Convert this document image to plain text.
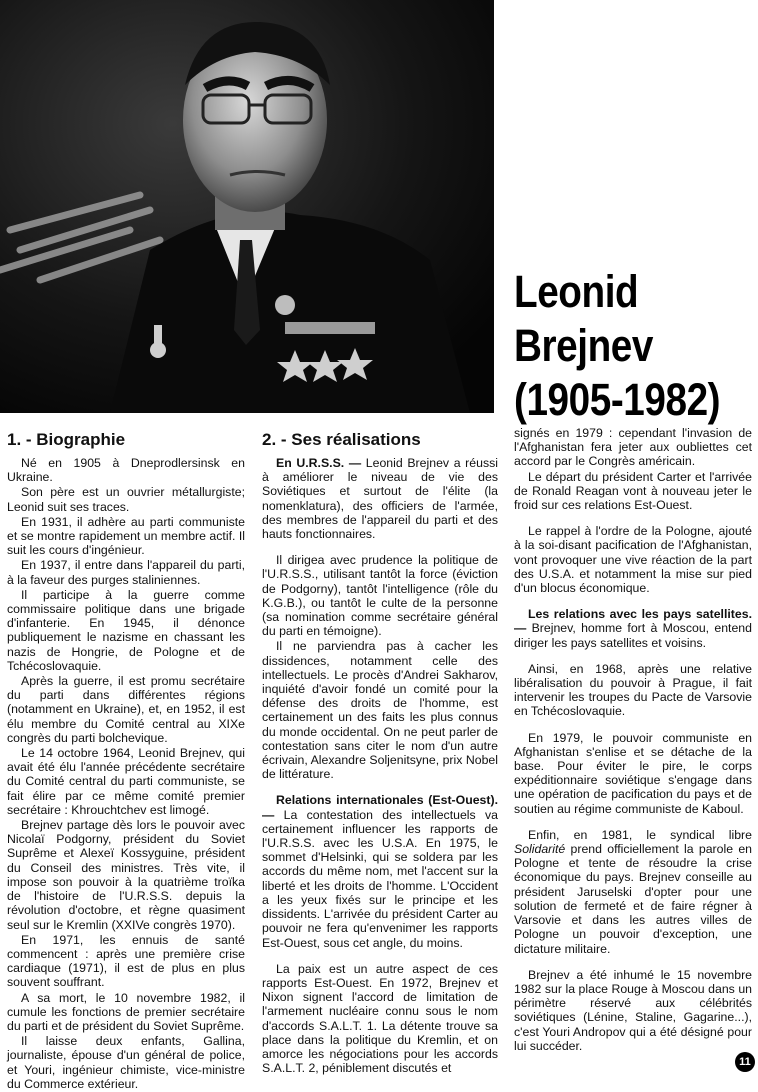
Leonid
Brejnev
(1905-1982)
1. - Biographie

Né en 1905 à Dneprodlersinsk en Ukraine.

Son père est un ouvrier métallurgiste; Leonid suit ses traces.

En 1931, il adhère au parti communiste et se montre rapidement un membre actif. Il suit les cours d'ingénieur.

En 1937, il entre dans l'appareil du parti, à la faveur des purges staliniennes.

Il participe à la guerre comme commissaire politique dans une brigade d'infanterie. En 1945, il dénonce publiquement le nazisme en chassant les nazis de Hongrie, de Pologne et de Tchécoslovaquie.

Après la guerre, il est promu secrétaire du parti dans différentes régions (notamment en Ukraine), et, en 1952, il est élu membre du Comité central au XIXe congrès du parti bolchevique.

Le 14 octobre 1964, Leonid Brejnev, qui avait été élu l'année précédente secrétaire du Comité central du parti communiste, se fait élire par ce même comité premier secrétaire : Khrouchtchev est limogé.

Brejnev partage dès lors le pouvoir avec Nicolaï Podgorny, président du Soviet Suprême et Alexeï Kossyguine, président du Conseil des ministres. Très vite, il impose son pouvoir à la quatrième troïka de l'histoire de l'U.R.S.S. depuis la révolution d'octobre, et règne quasiment seul sur le Kremlin (XXIVe congrès 1970).

En 1971, les ennuis de santé commencent : après une première crise cardiaque (1971), il est de plus en plus souvent souffrant.

A sa mort, le 10 novembre 1982, il cumule les fonctions de premier secrétaire du parti et de président du Soviet Suprême.

Il laisse deux enfants, Gallina, journaliste, épouse d'un général de police, et Youri, ingénieur chimiste, vice-ministre du Commerce extérieur.

2. - Ses réalisations

En U.R.S.S. — Leonid Brejnev a réussi à améliorer le niveau de vie des Soviétiques et surtout de l'élite (la nomenklatura), des officiers de l'armée, des membres de l'appareil du parti et des hauts fonctionnaires.

Il dirigea avec prudence la politique de l'U.R.S.S., utilisant tantôt la force (éviction de Podgorny), tantôt l'intelligence (rôle du K.G.B.), ou tantôt le culte de la personne (sa nomination comme secrétaire général du parti en témoigne).

Il ne parviendra pas à cacher les dissidences, notamment celle des intellectuels. Le procès d'Andrei Sakharov, inquiété d'avoir fondé un comité pour la défense des droits de l'homme, est certainement un des faits les plus connus du monde occidental. On ne peut parler de contestation sans citer le nom d'un autre écrivain, Alexandre Soljenitsyne, prix Nobel de littérature.

Relations internationales (Est-Ouest). — La contestation des intellectuels va certainement influencer les rapports de l'U.R.S.S. avec les U.S.A. En 1975, le sommet d'Helsinki, qui se soldera par les accords du même nom, met l'accent sur la liberté et les droits de l'homme. L'Occident a les yeux fixés sur le principe et les dissidents. L'arrivée du président Carter au pouvoir ne fera qu'envenimer les rapports Est-Ouest, sous cet angle, du moins.

La paix est un autre aspect de ces rapports Est-Ouest. En 1972, Brejnev et Nixon signent l'accord de limitation de l'armement nucléaire connu sous le nom d'accords S.A.L.T. 1. La détente trouve sa place dans la politique du Kremlin, et on amorce les négociations pour les accords S.A.L.T. 2, péniblement discutés et

signés en 1979 : cependant l'invasion de l'Afghanistan fera jeter aux oubliettes cet accord par le Congrès américain.

Le départ du président Carter et l'arrivée de Ronald Reagan vont à nouveau jeter le froid sur ces relations Est-Ouest.

Le rappel à l'ordre de la Pologne, ajouté à la soi-disant pacification de l'Afghanistan, vont provoquer une vive réaction de la part des U.S.A. et notamment la mise sur pied d'un blocus économique.

Les relations avec les pays satellites. — Brejnev, homme fort à Moscou, entend diriger les pays satellites et voisins.

Ainsi, en 1968, après une relative libéralisation du pouvoir à Prague, il fait intervenir les troupes du Pacte de Varsovie en Tchécoslovaquie.

En 1979, le pouvoir communiste en Afghanistan s'enlise et se détache de la base. Pour éviter le pire, le corps expéditionnaire soviétique s'engage dans une opération de pacification du pays et de soutien au régime communiste de Kaboul.

Enfin, en 1981, le syndical libre Solidarité prend officiellement la parole en Pologne et tente de résoudre la crise économique du pays. Brejnev conseille au président Jaruselski d'opter pour une solution de fermeté et de faire régner à Varsovie et dans les autres villes de Pologne un pouvoir d'exception, une dictature militaire.

Brejnev a été inhumé le 15 novembre 1982 sur la place Rouge à Moscou dans un périmètre réservé aux célébrités soviétiques (Lénine, Staline, Gagarine...), c'est Youri Andropov qui a été désigné pour lui succéder.

11
